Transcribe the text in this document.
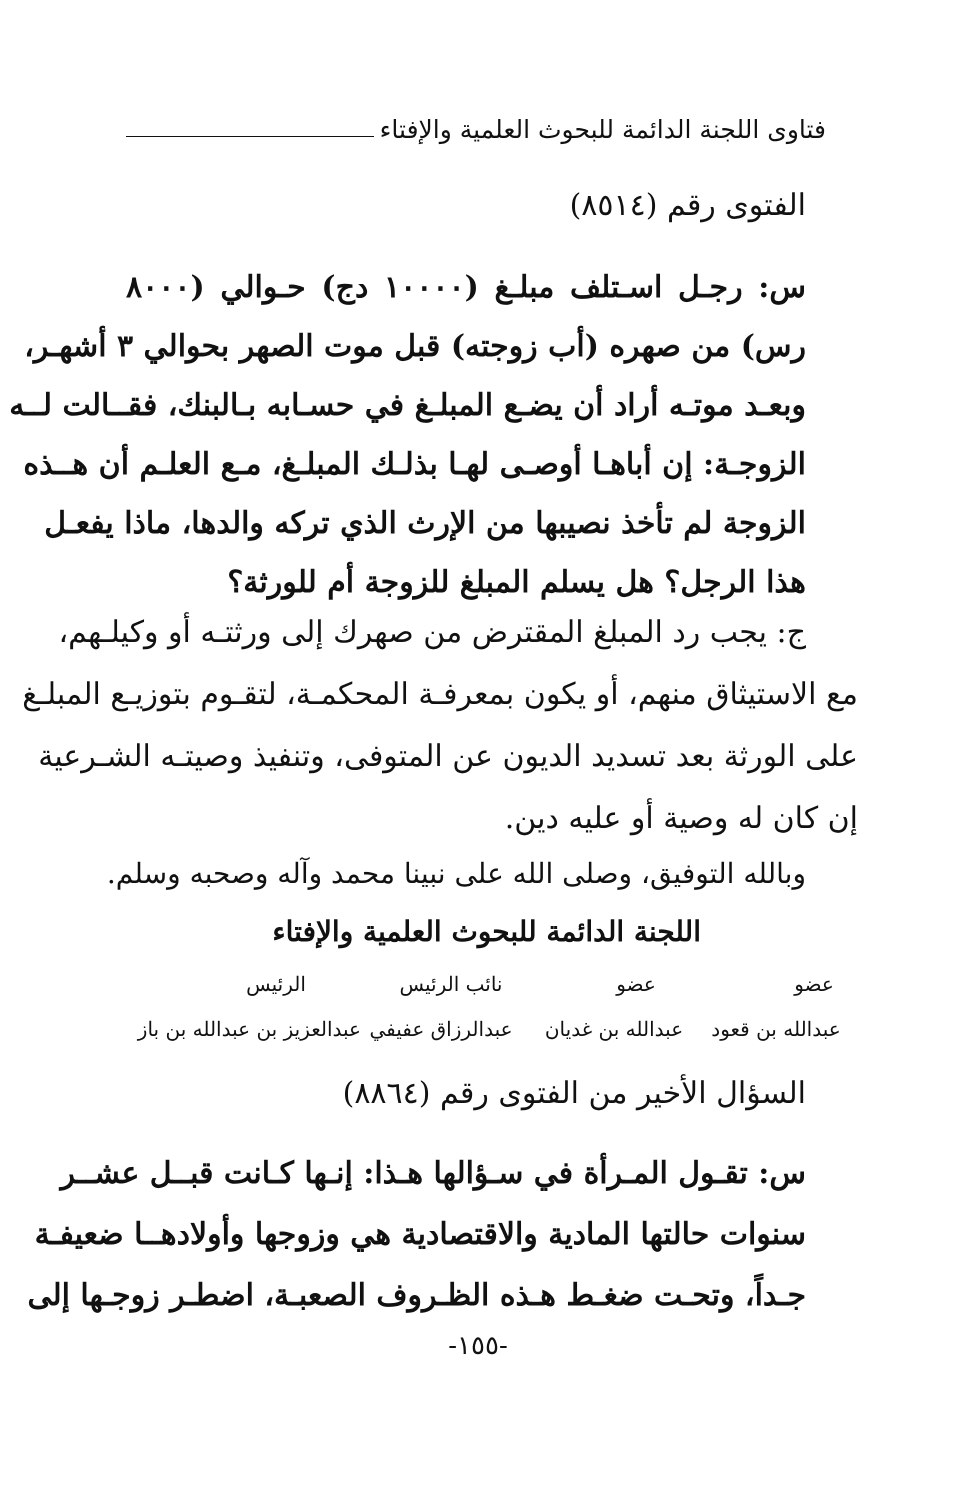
فتاوى اللجنة الدائمة للبحوث العلمية والإفتاء
الفتوى رقم (٨٥١٤)
س: رجـل اسـتلف مبلـغ (١٠٠٠٠ دج) حـوالي (٨٠٠٠
رس) من صهره (أب زوجته) قبل موت الصهر بحوالي ٣ أشهـر،
وبعـد موتـه أراد أن يضـع المبلـغ في حسـابه بـالبنك، فقــالت لــه
الزوجـة: إن أباهـا أوصـى لهـا بذلـك المبلـغ، مـع العلـم أن هــذه
الزوجة لم تأخذ نصيبها من الإرث الذي تركه والدها، ماذا يفعـل
هذا الرجل؟ هل يسلم المبلغ للزوجة أم للورثة؟
ج: يجب رد المبلغ المقترض من صهرك إلى ورثتـه أو وكيلـهم،
مع الاستيثاق منهم، أو يكون بمعرفـة المحكمـة، لتقـوم بتوزيـع المبلـغ
على الورثة بعد تسديد الديون عن المتوفى، وتنفيذ وصيتـه الشـرعية
إن كان له وصية أو عليه دين.
وبالله التوفيق، وصلى الله على نبينا محمد وآله وصحبه وسلم.
اللجنة الدائمة للبحوث العلمية والإفتاء
عضو
عبدالله بن قعود
عضو
عبدالله بن غديان
نائب الرئيس
عبدالرزاق عفيفي
الرئيس
عبدالعزيز بن عبدالله بن باز
السؤال الأخير من الفتوى رقم (٨٨٦٤)
س: تقـول المـرأة في سـؤالها هـذا: إنـها كـانت قبــل عشــر
سنوات حالتها المادية والاقتصادية هي وزوجها وأولادهــا ضعيفـة
جـداً، وتحـت ضغـط هـذه الظـروف الصعبـة، اضطـر زوجـها إلى
-١٥٥-
